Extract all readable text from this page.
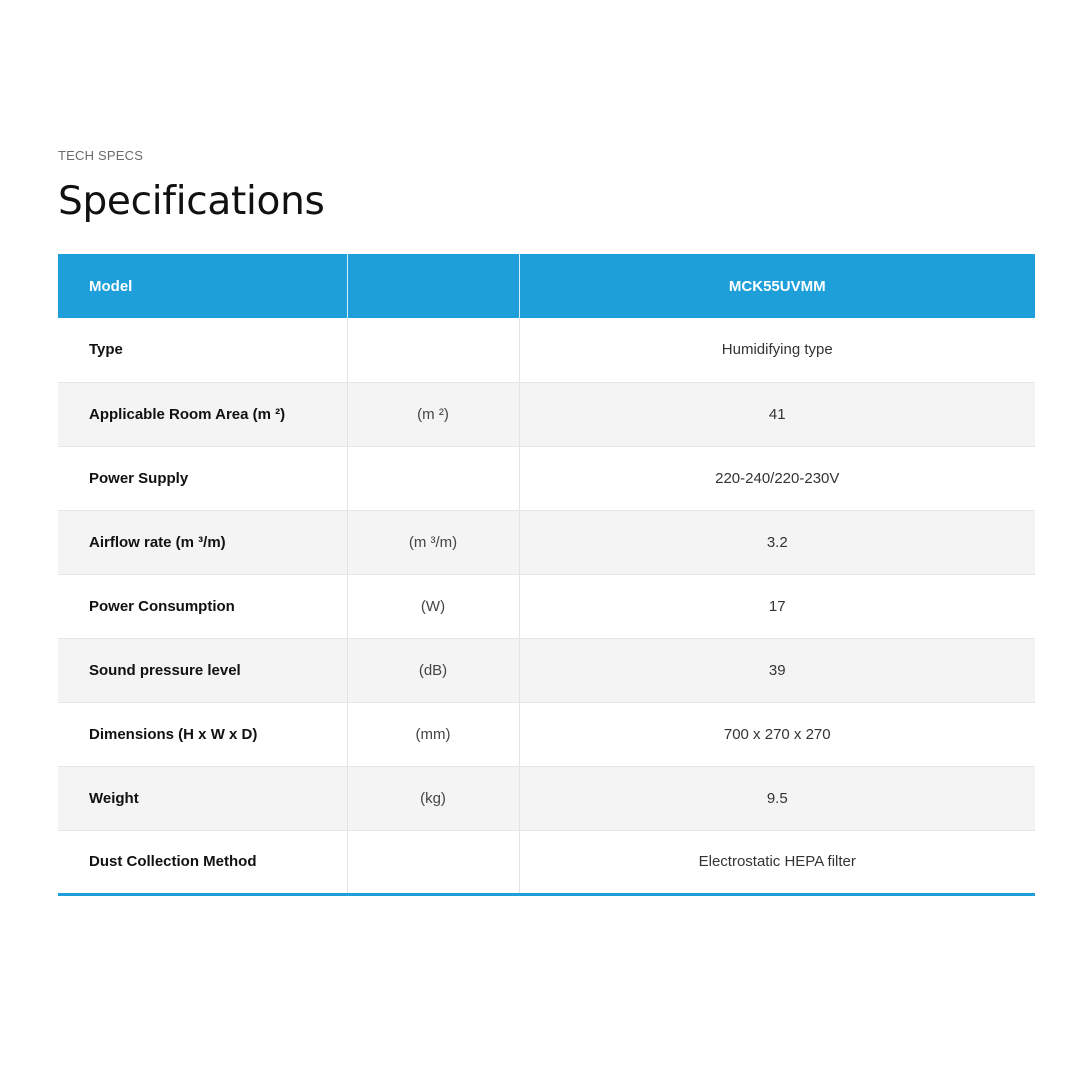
TECH SPECS

Specifications
Model		MCK55UVMM
Type		Humidifying type
Applicable Room Area (m ²)	(m ²)	41
Power Supply		220-240/220-230V
Airflow rate (m ³/m)	(m ³/m)	3.2
Power Consumption	(W)	17
Sound pressure level	(dB)	39
Dimensions (H x W x D)	(mm)	700 x 270 x 270
Weight	(kg)	9.5
Dust Collection Method		Electrostatic HEPA filter
